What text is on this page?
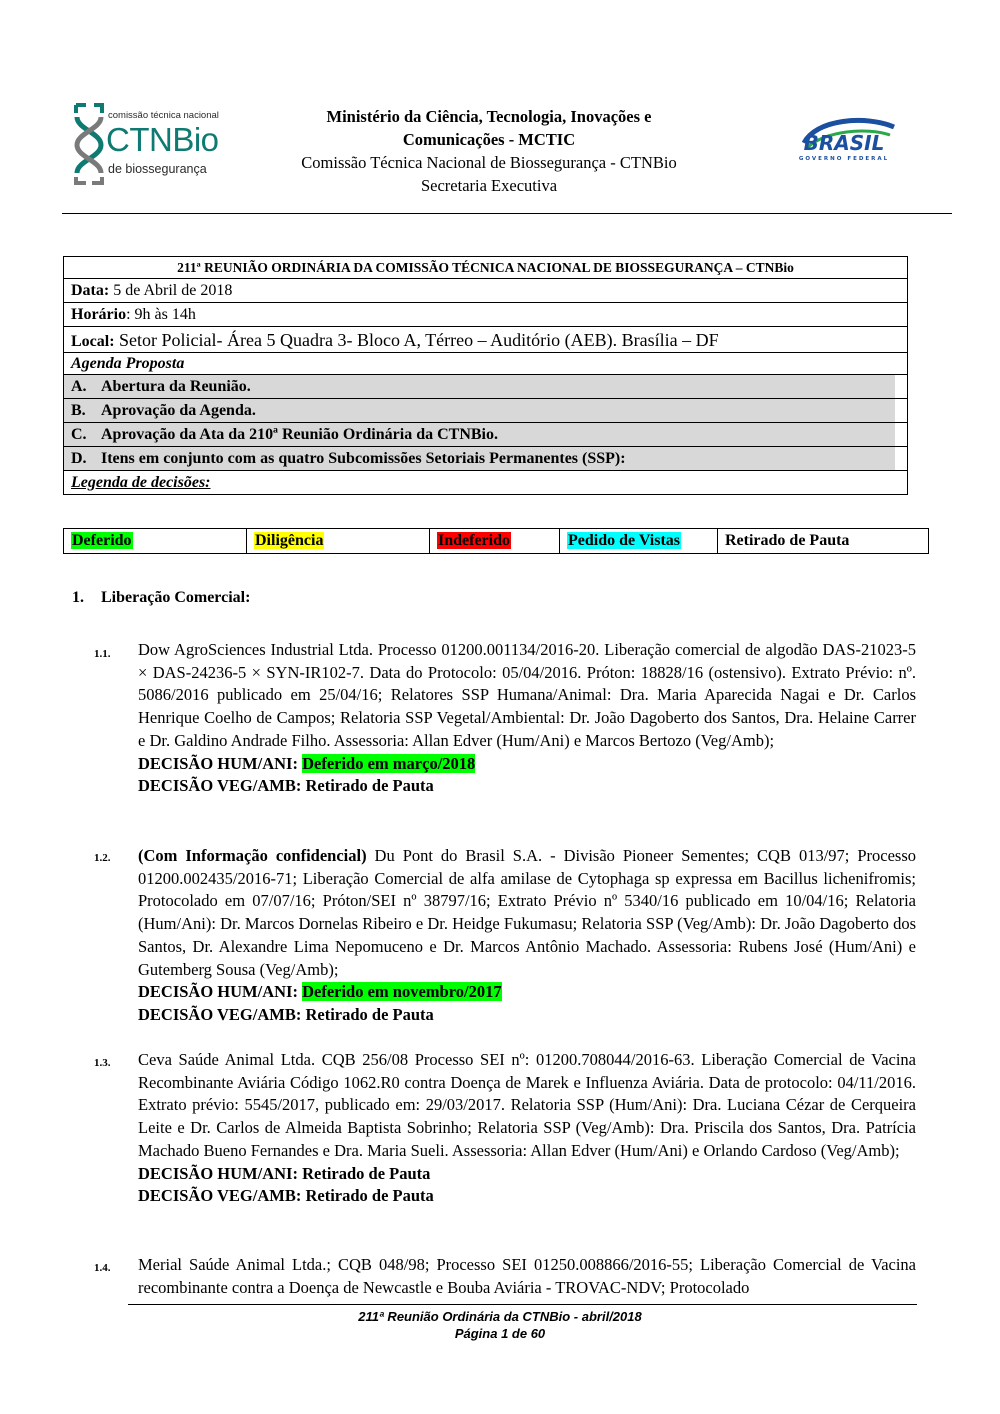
comissão técnica nacional
CTNBio
de biossegurança
Ministério da Ciência, Tecnologia, Inovações e
Comunicações - MCTIC
Comissão Técnica Nacional de Biossegurança - CTNBio
Secretaria Executiva
BRASIL
GOVERNO FEDERAL
211ª REUNIÃO ORDINÁRIA DA COMISSÃO TÉCNICA NACIONAL DE BIOSSEGURANÇA – CTNBio
Data: 5 de Abril de 2018
Horário: 9h às 14h
Local: Setor Policial- Área 5 Quadra 3- Bloco A, Térreo – Auditório (AEB). Brasília – DF
Agenda Proposta
A. Abertura da Reunião.
B. Aprovação da Agenda.
C. Aprovação da Ata da 210ª Reunião Ordinária da CTNBio.
D. Itens em conjunto com as quatro Subcomissões Setoriais Permanentes (SSP):
Legenda de decisões:
Deferido	Diligência	Indeferido	Pedido de Vistas	Retirado de Pauta
1. Liberação Comercial:
1.1. Dow AgroSciences Industrial Ltda. Processo 01200.001134/2016-20. Liberação comercial de algodão DAS-21023-5 × DAS-24236-5 × SYN-IR102-7. Data do Protocolo: 05/04/2016. Próton: 18828/16 (ostensivo). Extrato Prévio: nº. 5086/2016 publicado em 25/04/16; Relatores SSP Humana/Animal: Dra. Maria Aparecida Nagai e Dr. Carlos Henrique Coelho de Campos; Relatoria SSP Vegetal/Ambiental: Dr. João Dagoberto dos Santos, Dra. Helaine Carrer e Dr. Galdino Andrade Filho. Assessoria: Allan Edver (Hum/Ani) e Marcos Bertozo (Veg/Amb);
DECISÃO HUM/ANI: Deferido em março/2018
DECISÃO VEG/AMB: Retirado de Pauta
1.2. (Com Informação confidencial) Du Pont do Brasil S.A. - Divisão Pioneer Sementes; CQB 013/97; Processo 01200.002435/2016-71; Liberação Comercial de alfa amilase de Cytophaga sp expressa em Bacillus lichenifromis; Protocolado em 07/07/16; Próton/SEI nº 38797/16; Extrato Prévio nº 5340/16 publicado em 10/04/16; Relatoria (Hum/Ani): Dr. Marcos Dornelas Ribeiro e Dr. Heidge Fukumasu; Relatoria SSP (Veg/Amb): Dr. João Dagoberto dos Santos, Dr. Alexandre Lima Nepomuceno e Dr. Marcos Antônio Machado. Assessoria: Rubens José (Hum/Ani) e Gutemberg Sousa (Veg/Amb);
DECISÃO HUM/ANI: Deferido em novembro/2017
DECISÃO VEG/AMB: Retirado de Pauta
1.3. Ceva Saúde Animal Ltda. CQB 256/08 Processo SEI nº: 01200.708044/2016-63. Liberação Comercial de Vacina Recombinante Aviária Código 1062.R0 contra Doença de Marek e Influenza Aviária. Data de protocolo: 04/11/2016. Extrato prévio: 5545/2017, publicado em: 29/03/2017. Relatoria SSP (Hum/Ani): Dra. Luciana Cézar de Cerqueira Leite e Dr. Carlos de Almeida Baptista Sobrinho; Relatoria SSP (Veg/Amb): Dra. Priscila dos Santos, Dra. Patrícia Machado Bueno Fernandes e Dra. Maria Sueli. Assessoria: Allan Edver (Hum/Ani) e Orlando Cardoso (Veg/Amb);
DECISÃO HUM/ANI: Retirado de Pauta
DECISÃO VEG/AMB: Retirado de Pauta
1.4. Merial Saúde Animal Ltda.; CQB 048/98; Processo SEI 01250.008866/2016-55; Liberação Comercial de Vacina recombinante contra a Doença de Newcastle e Bouba Aviária - TROVAC-NDV; Protocolado
211ª Reunião Ordinária da CTNBio - abril/2018
Página 1 de 60
